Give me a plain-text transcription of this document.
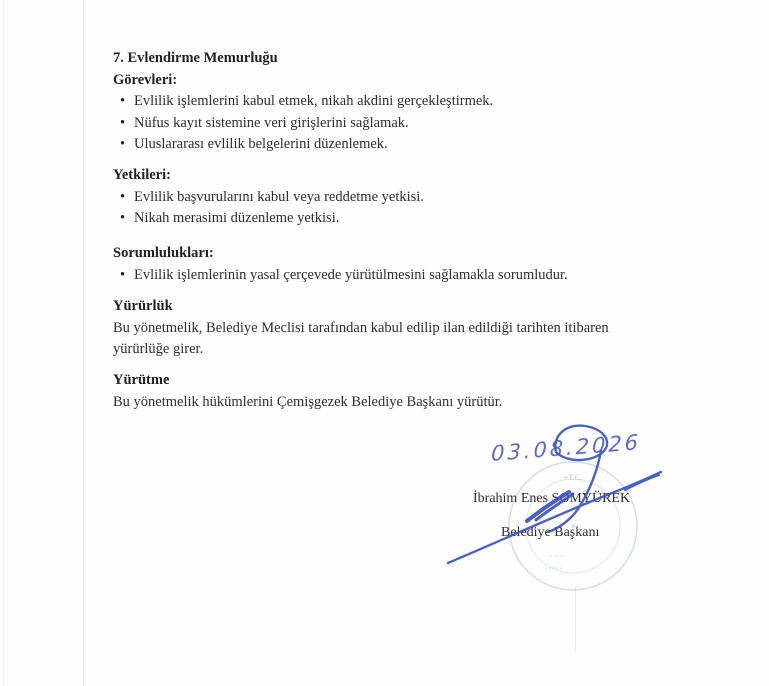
7. Evlendirme Memurluğu
Görevleri:
• Evlilik işlemlerini kabul etmek, nikah akdini gerçekleştirmek.
• Nüfus kayıt sistemine veri girişlerini sağlamak.
• Uluslararası evlilik belgelerini düzenlemek.
Yetkileri:
• Evlilik başvurularını kabul veya reddetme yetkisi.
• Nikah merasimi düzenleme yetkisi.
Sorumlulukları:
• Evlilik işlemlerinin yasal çerçevede yürütülmesini sağlamakla sorumludur.
Yürürlük

Bu yönetmelik, Belediye Meclisi tarafından kabul edilip ilan edildiği tarihten itibaren yürürlüğe girer.

Yürütme

Bu yönetmelik hükümlerini Çemişgezek Belediye Başkanı yürütür.

+T.C.
▪ ▪ ▪ ▪
▪ ▪ ▪ ▪ ▪
03.08.2026
İbrahim Enes SOMYÜREK
Belediye Başkanı
